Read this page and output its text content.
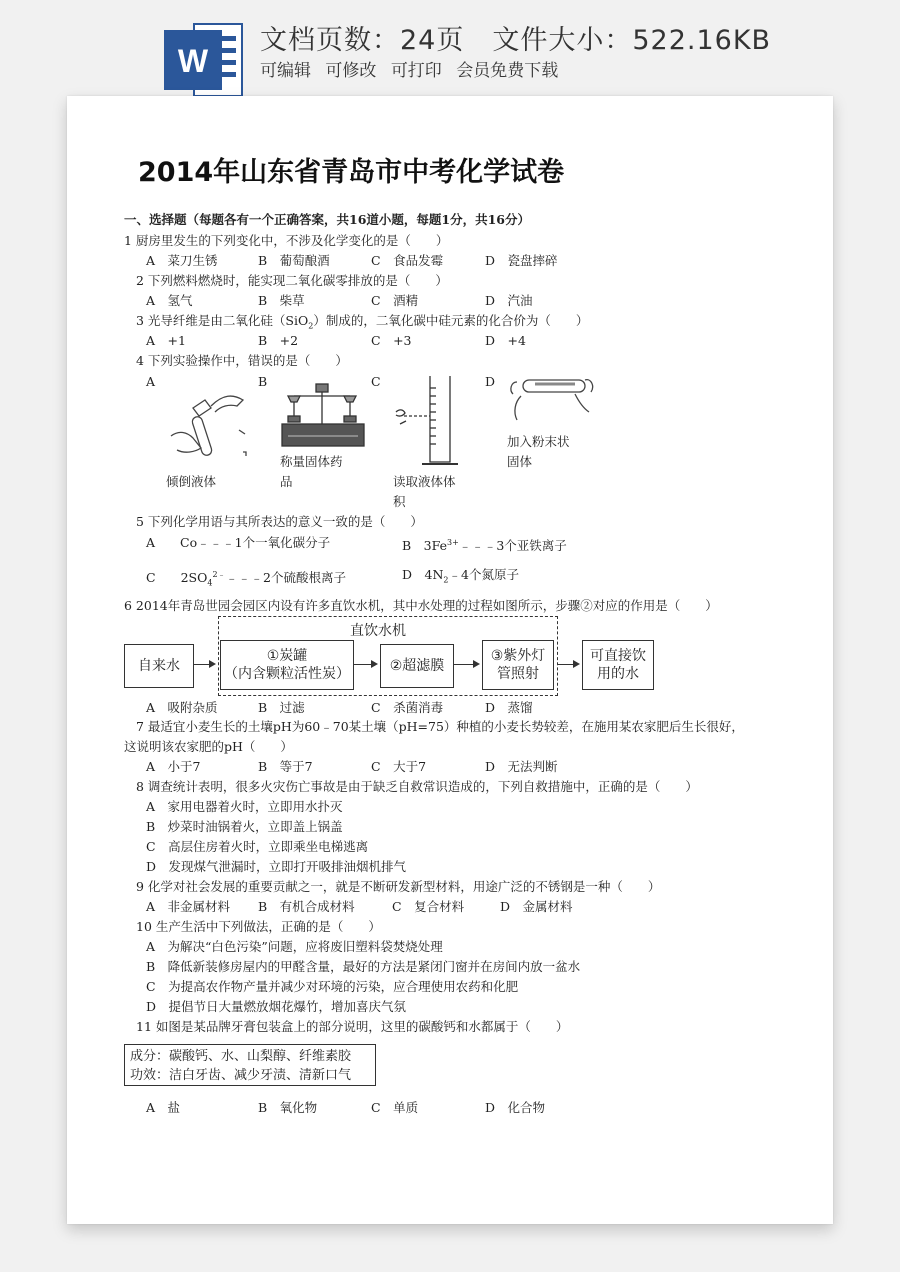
W
文档页数：24页 文件大小：522.16KB
可编辑 可修改 可打印 会员免费下载
2014年山东省青岛市中考化学试卷
一、选择题（每题各有一个正确答案，共16道小题，每题1分，共16分）
1 厨房里发生的下列变化中，不涉及化学变化的是（　　）
A　菜刀生锈	B　葡萄酿酒	C　食品发霉	D　瓷盘摔碎
2 下列燃料燃烧时，能实现二氧化碳零排放的是（　　）
A　氢气	B　柴草	C　酒精	D　汽油
3 光导纤维是由二氧化硅（SiO$_2$）制成的，二氧化碳中硅元素的化合价为（　　）
A　+1	B　+2	C　+3	D　+4
4 下列实验操作中，错误的是（　　）
A	B	C	D
倾倒液体
称量固体药
品	读取液体体
积
加入粉末状
固体
5 下列化学用语与其所表达的意义一致的是（　　）
A　　Co﹣﹣﹣1个一氧化碳分子	B　$3Fe^{3+}﹣﹣﹣3$个亚铁离子
C　　$2SO_4^{2﹣}﹣﹣﹣2$个硫酸根离子	D　$4N_2﹣4$个氮原子
6 2014年青岛世园会园区内设有许多直饮水机，其中水处理的过程如图所示，步骤②对应的作用是（　　）
直饮水机
自来水
①炭罐
（内含颗粒活性炭）	②超滤膜
③紫外灯
管照射
可直接饮
用的水
A　吸附杂质	B　过滤	C　杀菌消毒	D　蒸馏
7 最适宜小麦生长的土壤pH为60﹣70某土壤（pH=75）种植的小麦长势较差，在施用某农家肥后生长很好，
这说明该农家肥的pH（　　）
A　小于7	B　等于7	C　大于7	D　无法判断
8 调查统计表明，很多火灾伤亡事故是由于缺乏自救常识造成的，下列自救措施中，正确的是（　　）
A　家用电器着火时，立即用水扑灭
B　炒菜时油锅着火，立即盖上锅盖
C　高层住房着火时，立即乘坐电梯逃离
D　发现煤气泄漏时，立即打开吸排油烟机排气
9 化学对社会发展的重要贡献之一，就是不断研发新型材料，用途广泛的不锈钢是一种（　　）
A　非金属材料 B　有机合成材料	C　复合材料	D　金属材料
10 生产生活中下列做法，正确的是（　　）
A　为解决“白色污染”问题，应将废旧塑料袋焚烧处理
B　降低新装修房屋内的甲醛含量，最好的方法是紧闭门窗并在房间内放一盆水
C　为提高农作物产量并减少对环境的污染，应合理使用农药和化肥
D　提倡节日大量燃放烟花爆竹，增加喜庆气氛
11 如图是某品牌牙膏包装盒上的部分说明，这里的碳酸钙和水都属于（　　）
成分：碳酸钙、水、山梨醇、纤维素胶
功效：洁白牙齿、减少牙渍、清新口气
A　盐	B　氧化物	C　单质	D　化合物
